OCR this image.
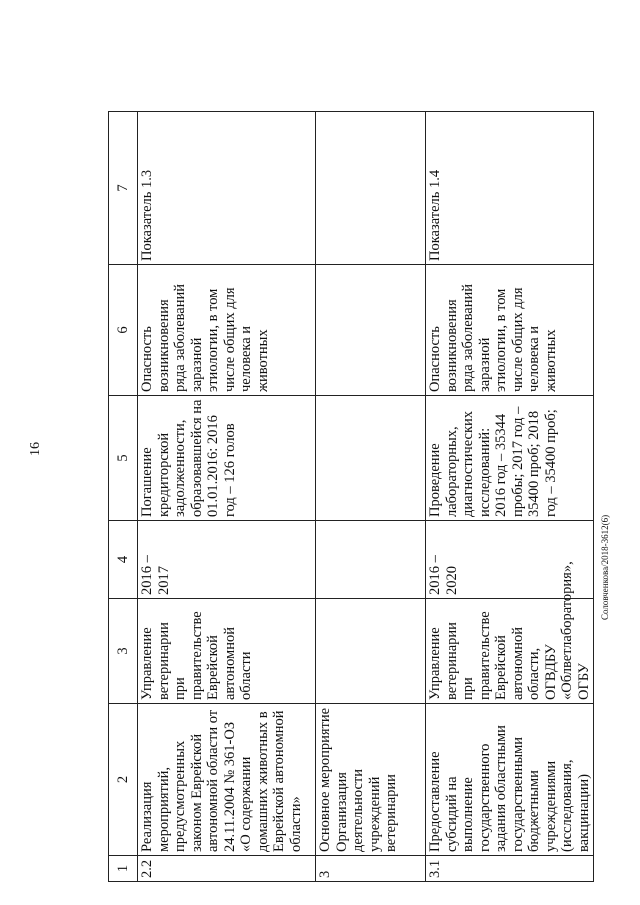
16
1	2	3	4	5	6	7
2.2	Реализация мероприятий, предусмотренных законом Еврейской автономной области от 24.11.2004 № 361-ОЗ «О содержании домашних животных в Еврейской автономной области»	Управление ветеринарии при правительстве Еврейской автономной области	2016 – 2017	Погашение кредиторской задолженности, образовавшейся на 01.01.2016: 2016 год – 126 голов	Опасность возникновения ряда заболеваний заразной этиологии, в том числе общих для человека и животных	Показатель 1.3
3	Основное мероприятие Организация деятельности учреждений ветеринарии					
3.1	Предоставление субсидий на выполнение государственного задания областными государственными бюджетными учреждениями (исследования, вакцинации)	Управление ветеринарии при правительстве Еврейской автономной области, ОГВДБУ «Облветлаборатория», ОГБУ	2016 – 2020	Проведение лабораторных, диагностических исследований: 2016 год – 35344 пробы; 2017 год – 35400 проб; 2018 год – 35400 проб;	Опасность возникновения ряда заболеваний заразной этиологии, в том числе общих для человека и животных	Показатель 1.4
Соловченкова/2018-3612(6)
